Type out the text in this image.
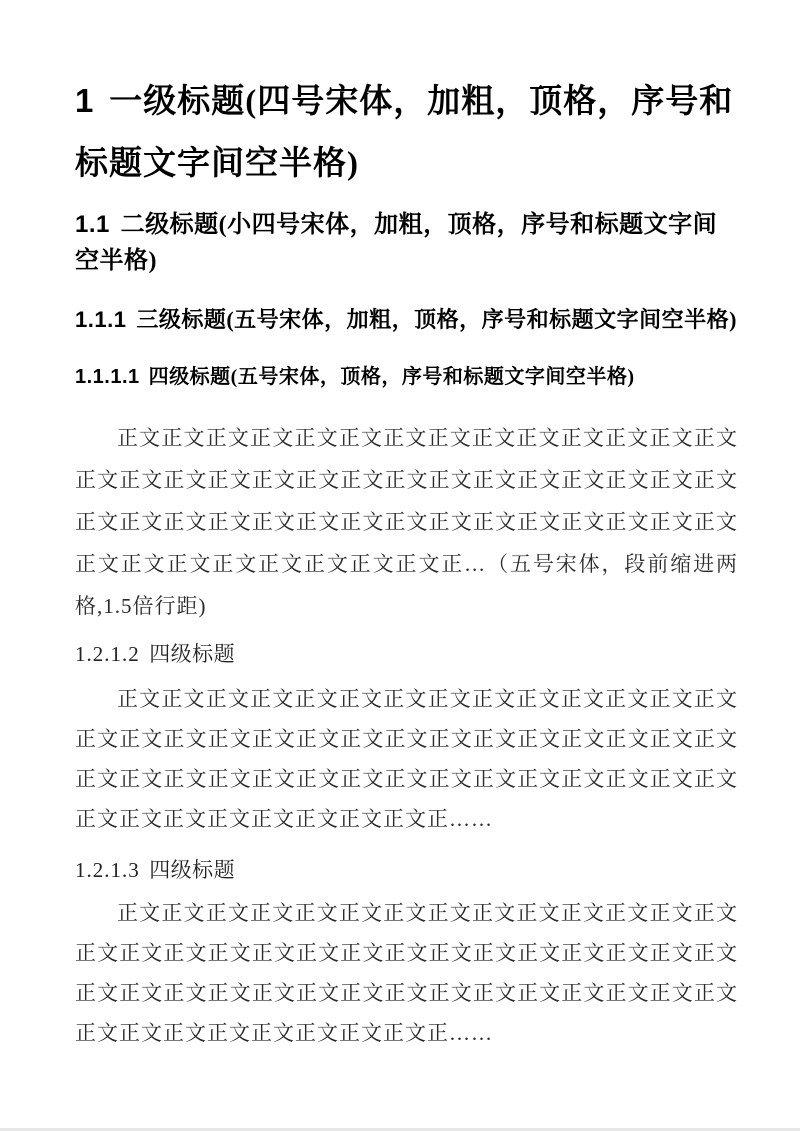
1 一级标题(四号宋体，加粗，顶格，序号和标题文字间空半格)
1.1 二级标题(小四号宋体，加粗，顶格，序号和标题文字间空半格)
1.1.1 三级标题(五号宋体，加粗，顶格，序号和标题文字间空半格)
1.1.1.1 四级标题(五号宋体，顶格，序号和标题文字间空半格)

正文正文正文正文正文正文正文正文正文正文正文正文正文正文正文正文正文正文正文正文正文正文正文正文正文正文正文正文正文正文正文正文正文正文正文正文正文正文正文正文正文正文正文正文正文正文正文正文正文正文正文正文正…（五号宋体，段前缩进两格,1.5倍行距)

1.2.1.2 四级标题

正文正文正文正文正文正文正文正文正文正文正文正文正文正文正文正文正文正文正文正文正文正文正文正文正文正文正文正文正文正文正文正文正文正文正文正文正文正文正文正文正文正文正文正文正文正文正文正文正文正文正文正文正……

1.2.1.3 四级标题

正文正文正文正文正文正文正文正文正文正文正文正文正文正文正文正文正文正文正文正文正文正文正文正文正文正文正文正文正文正文正文正文正文正文正文正文正文正文正文正文正文正文正文正文正文正文正文正文正文正文正文正文正……
